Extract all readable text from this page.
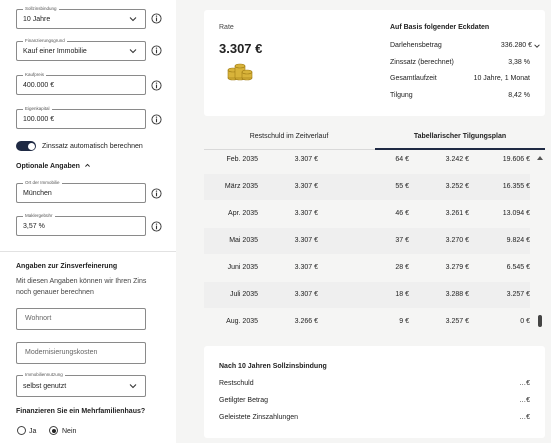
Sollzinsbindung
10 Jahre
Finanzierungsgrund
Kauf einer Immobilie
Kaufpreis
400.000 €
Eigenkapital
100.000 €
Zinssatz automatisch berechnen
Optionale Angaben
Ort der Immobilie
München
Maklergebühr
3,57 %
Angaben zur Zinsverfeinerung
Mit diesen Angaben können wir Ihren Zins
noch genauer berechnen
Wohnort
Modernisierungskosten
Immobiliennutzung
selbst genutzt
Finanzieren Sie ein Mehrfamilienhaus?
Ja	Nein
Rate
3.307 €
Auf Basis folgender Eckdaten
Darlehensbetrag	336.280 €
Zinssatz (berechnet)	3,38 %
Gesamtlaufzeit	10 Jahre, 1 Monat
Tilgung	8,42 %
Restschuld im Zeitverlauf	Tabellarischer Tilgungsplan
Feb. 2035	3.307 €	64 €	3.242 €	19.606 €
März 2035	3.307 €	55 €	3.252 €	16.355 €
Apr. 2035	3.307 €	46 €	3.261 €	13.094 €
Mai 2035	3.307 €	37 €	3.270 €	9.824 €
Juni 2035	3.307 €	28 €	3.279 €	6.545 €
Juli 2035	3.307 €	18 €	3.288 €	3.257 €
Aug. 2035	3.266 €	9 €	3.257 €	0 €
Nach 10 Jahren Sollzinsbindung
Restschuld	…€
Getilgter Betrag	…€
Geleistete Zinszahlungen	…€
